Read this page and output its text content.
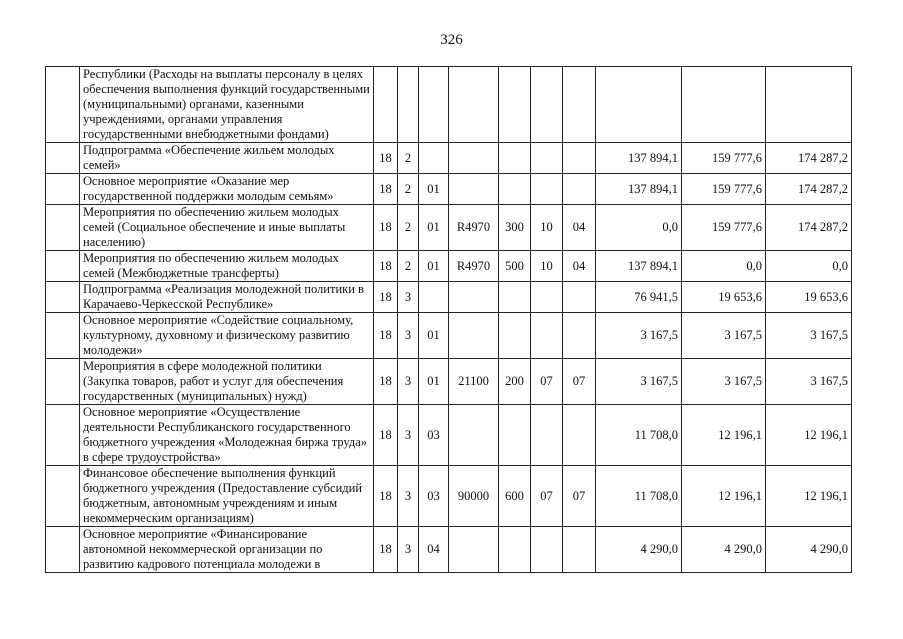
326
	Республики (Расходы на выплаты персоналу в целях обеспечения выполнения функций государственными (муниципальными) органами, казенными учреждениями, органами управления государственными внебюджетными фондами)										
	Подпрограмма «Обеспечение жильем молодых семей»	18	2						137 894,1	159 777,6	174 287,2
	Основное мероприятие «Оказание мер государственной поддержки молодым семьям»	18	2	01					137 894,1	159 777,6	174 287,2
	Мероприятия по обеспечению жильем молодых семей (Социальное обеспечение и иные выплаты населению)	18	2	01	R4970	300	10	04	0,0	159 777,6	174 287,2
	Мероприятия по обеспечению жильем молодых семей (Межбюджетные трансферты)	18	2	01	R4970	500	10	04	137 894,1	0,0	0,0
	Подпрограмма «Реализация молодежной политики в Карачаево-Черкесской Республике»	18	3						76 941,5	19 653,6	19 653,6
	Основное мероприятие «Содействие социальному, культурному, духовному и физическому развитию молодежи»	18	3	01					3 167,5	3 167,5	3 167,5
	Мероприятия в сфере молодежной политики (Закупка товаров, работ и услуг для обеспечения государственных (муниципальных) нужд)	18	3	01	21100	200	07	07	3 167,5	3 167,5	3 167,5
	Основное мероприятие «Осуществление деятельности Республиканского государственного бюджетного учреждения «Молодежная биржа труда» в сфере трудоустройства»	18	3	03					11 708,0	12 196,1	12 196,1
	Финансовое обеспечение выполнения функций бюджетного учреждения (Предоставление субсидий бюджетным, автономным учреждениям и иным некоммерческим организациям)	18	3	03	90000	600	07	07	11 708,0	12 196,1	12 196,1
	Основное мероприятие «Финансирование автономной некоммерческой организации по развитию кадрового потенциала молодежи в	18	3	04					4 290,0	4 290,0	4 290,0
